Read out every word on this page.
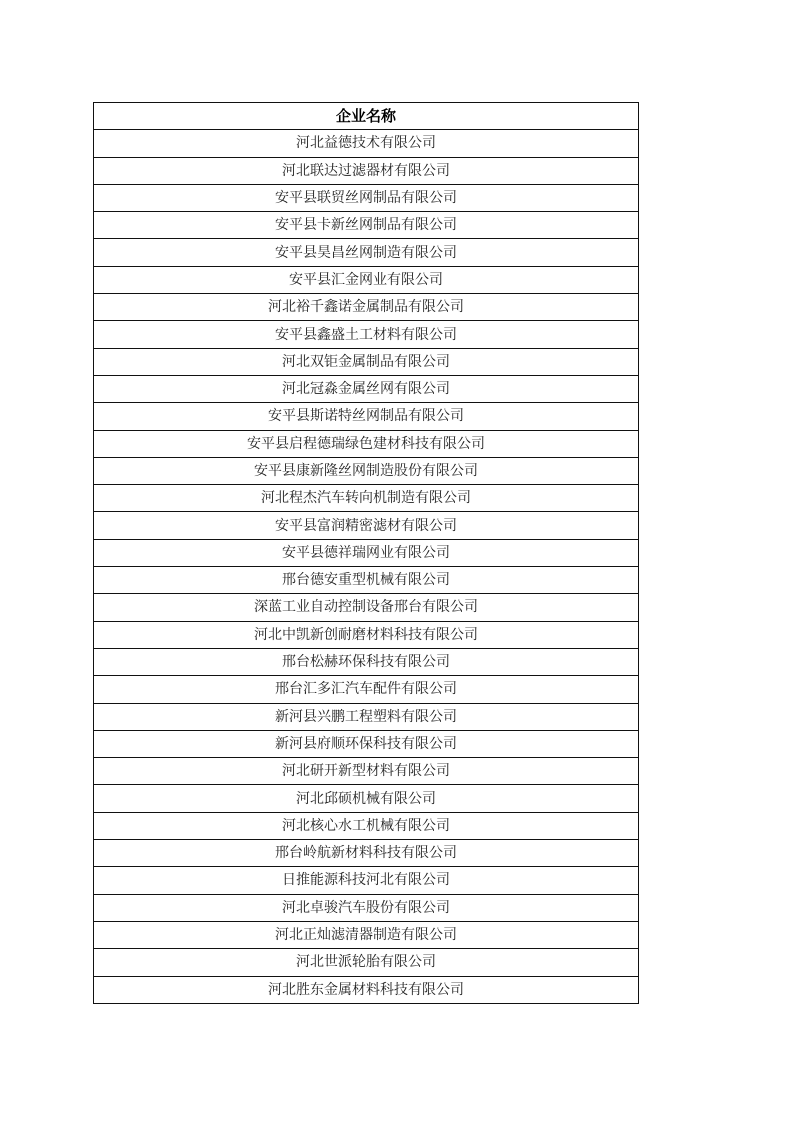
企业名称
河北益德技术有限公司
河北联达过滤器材有限公司
安平县联贸丝网制品有限公司
安平县卡新丝网制品有限公司
安平县昊昌丝网制造有限公司
安平县汇金网业有限公司
河北裕千鑫诺金属制品有限公司
安平县鑫盛土工材料有限公司
河北双钜金属制品有限公司
河北冠淼金属丝网有限公司
安平县斯诺特丝网制品有限公司
安平县启程德瑞绿色建材科技有限公司
安平县康新隆丝网制造股份有限公司
河北程杰汽车转向机制造有限公司
安平县富润精密滤材有限公司
安平县德祥瑞网业有限公司
邢台德安重型机械有限公司
深蓝工业自动控制设备邢台有限公司
河北中凯新创耐磨材料科技有限公司
邢台松赫环保科技有限公司
邢台汇多汇汽车配件有限公司
新河县兴鹏工程塑料有限公司
新河县府顺环保科技有限公司
河北研开新型材料有限公司
河北邱硕机械有限公司
河北核心水工机械有限公司
邢台岭航新材料科技有限公司
日推能源科技河北有限公司
河北卓骏汽车股份有限公司
河北正灿滤清器制造有限公司
河北世派轮胎有限公司
河北胜东金属材料科技有限公司
